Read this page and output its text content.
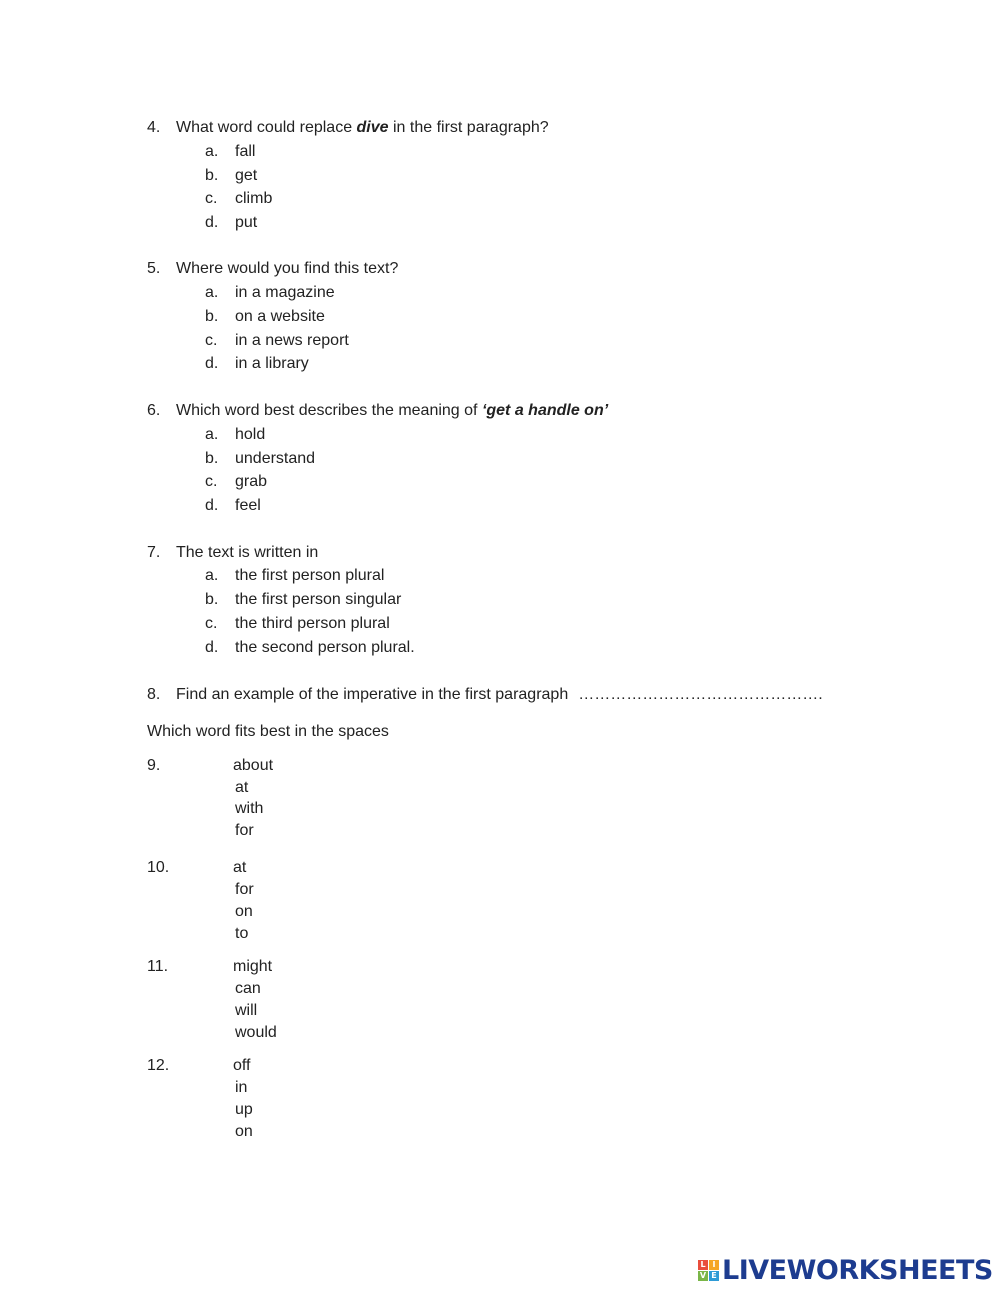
4. What word could replace dive in the first paragraph?
a. fall
b. get
c. climb
d. put
5. Where would you find this text?
a. in a magazine
b. on a website
c. in a news report
d. in a library
6. Which word best describes the meaning of ‘get a handle on’
a. hold
b. understand
c. grab
d. feel
7. The text is written in
a. the first person plural
b. the first person singular
c. the third person plural
d. the second person plural.
8. Find an example of the imperative in the first paragraph ……………………………………….
Which word fits best in the spaces
9.	about
at
with
for
10.	at
for
on
to
11.	might
can
will
would
12.	off
in
up
on
L I
V E LIVEWORKSHEETS
